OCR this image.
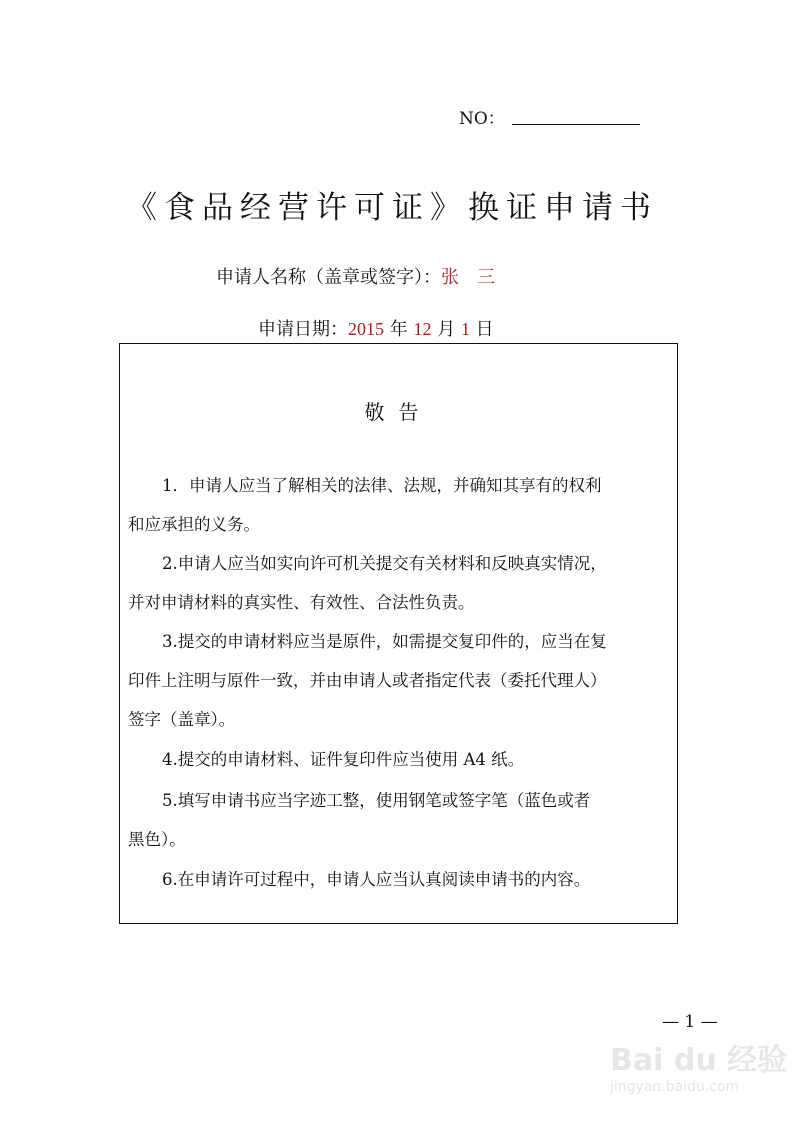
NO：
《食品经营许可证》换证申请书
申请人名称（盖章或签字）：张　三
申请日期：2015 年 12 月 1 日
敬告
1．申请人应当了解相关的法律、法规，并确知其享有的权利
和应承担的义务。
2.申请人应当如实向许可机关提交有关材料和反映真实情况，
并对申请材料的真实性、有效性、合法性负责。
3.提交的申请材料应当是原件，如需提交复印件的，应当在复
印件上注明与原件一致，并由申请人或者指定代表（委托代理人）
签字（盖章）。
4.提交的申请材料、证件复印件应当使用 A4 纸。
5.填写申请书应当字迹工整，使用钢笔或签字笔（蓝色或者
黑色）。
6.在申请许可过程中，申请人应当认真阅读申请书的内容。
— 1 —
Bai du 经验
jingyan.baidu.com
